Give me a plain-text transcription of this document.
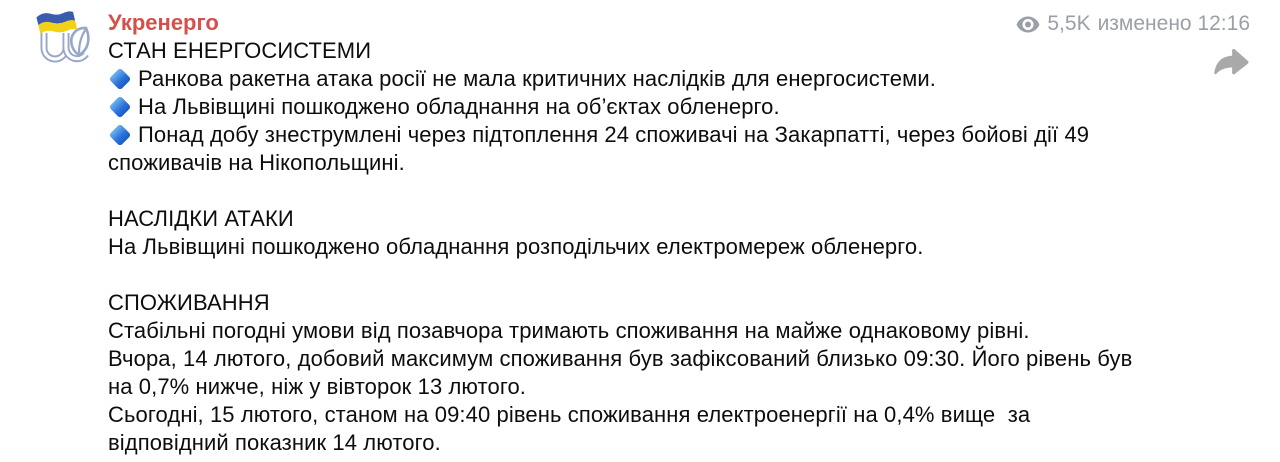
5,5K изменено 12:16
Укренерго
СТАН ЕНЕРГОСИСТЕМИ
Ранкова ракетна атака росії не мала критичних наслідків для енергосистеми.
На Львівщині пошкоджено обладнання на об’єктах обленерго.
Понад добу знеструмлені через підтоплення 24 споживачі на Закарпатті, через бойові дії 49
споживачів на Нікопольщині.
НАСЛІДКИ АТАКИ
На Львівщині пошкоджено обладнання розподільчих електромереж обленерго.
СПОЖИВАННЯ
Стабільні погодні умови від позавчора тримають споживання на майже однаковому рівні.
Вчора, 14 лютого, добовий максимум споживання був зафіксований близько 09:30. Його рівень був
на 0,7% нижче, ніж у вівторок 13 лютого.
Сьогодні, 15 лютого, станом на 09:40 рівень споживання електроенергії на 0,4% вище  за
відповідний показник 14 лютого.
